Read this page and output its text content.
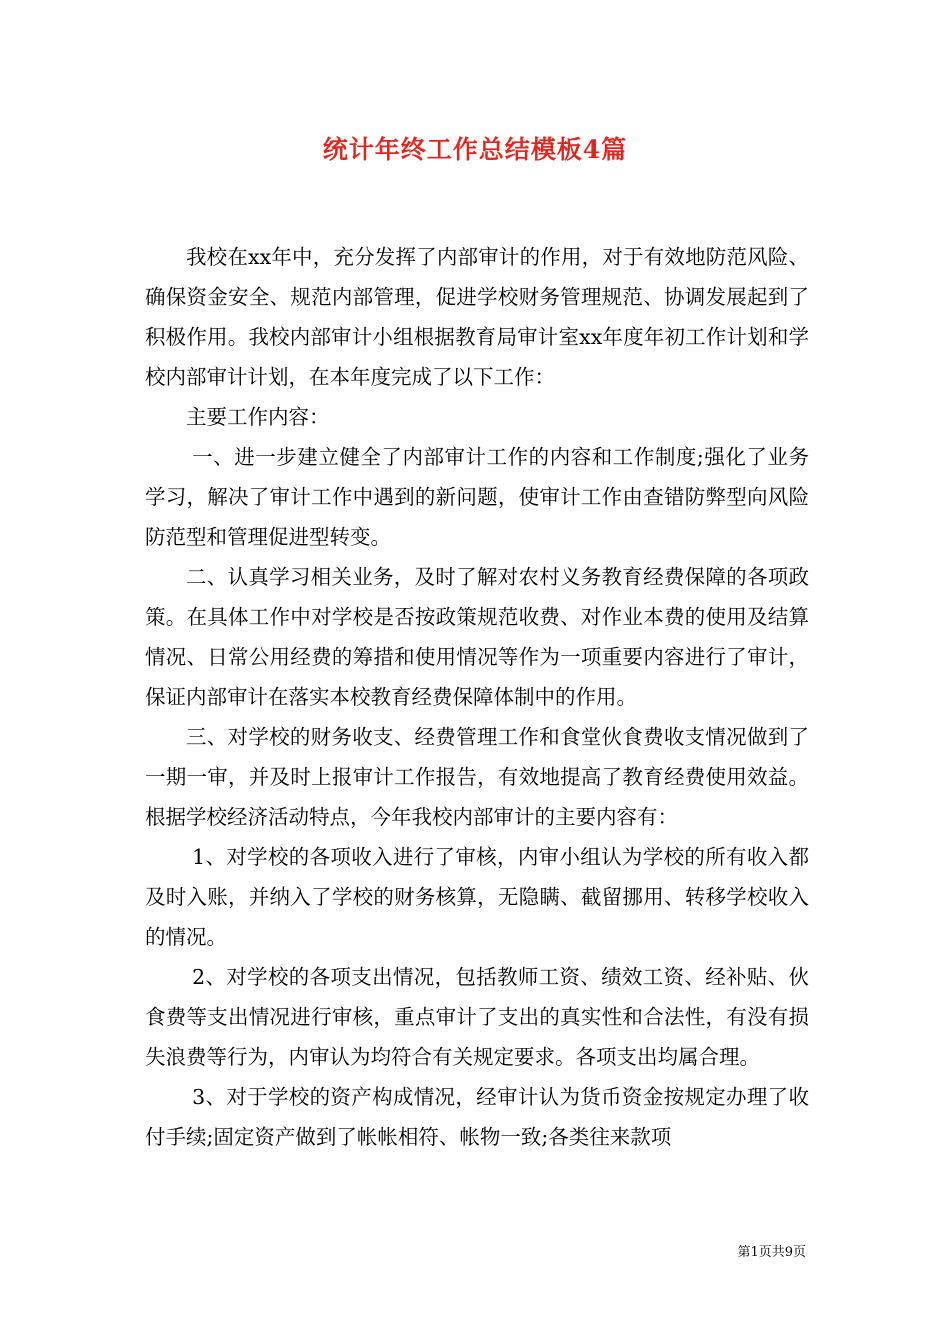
统计年终工作总结模板4篇

我校在xx年中，充分发挥了内部审计的作用，对于有效地防范风险、确保资金安全、规范内部管理，促进学校财务管理规范、协调发展起到了积极作用。我校内部审计小组根据教育局审计室xx年度年初工作计划和学校内部审计计划，在本年度完成了以下工作：

主要工作内容：

一、进一步建立健全了内部审计工作的内容和工作制度;强化了业务学习，解决了审计工作中遇到的新问题，使审计工作由查错防弊型向风险防范型和管理促进型转变。

二、认真学习相关业务，及时了解对农村义务教育经费保障的各项政策。在具体工作中对学校是否按政策规范收费、对作业本费的使用及结算情况、日常公用经费的筹措和使用情况等作为一项重要内容进行了审计，保证内部审计在落实本校教育经费保障体制中的作用。

三、对学校的财务收支、经费管理工作和食堂伙食费收支情况做到了一期一审，并及时上报审计工作报告，有效地提高了教育经费使用效益。根据学校经济活动特点，今年我校内部审计的主要内容有：

1、对学校的各项收入进行了审核，内审小组认为学校的所有收入都及时入账，并纳入了学校的财务核算，无隐瞒、截留挪用、转移学校收入的情况。

2、对学校的各项支出情况，包括教师工资、绩效工资、经补贴、伙食费等支出情况进行审核，重点审计了支出的真实性和合法性，有没有损失浪费等行为，内审认为均符合有关规定要求。各项支出均属合理。

3、对于学校的资产构成情况，经审计认为货币资金按规定办理了收付手续;固定资产做到了帐帐相符、帐物一致;各类往来款项

第1页共9页
